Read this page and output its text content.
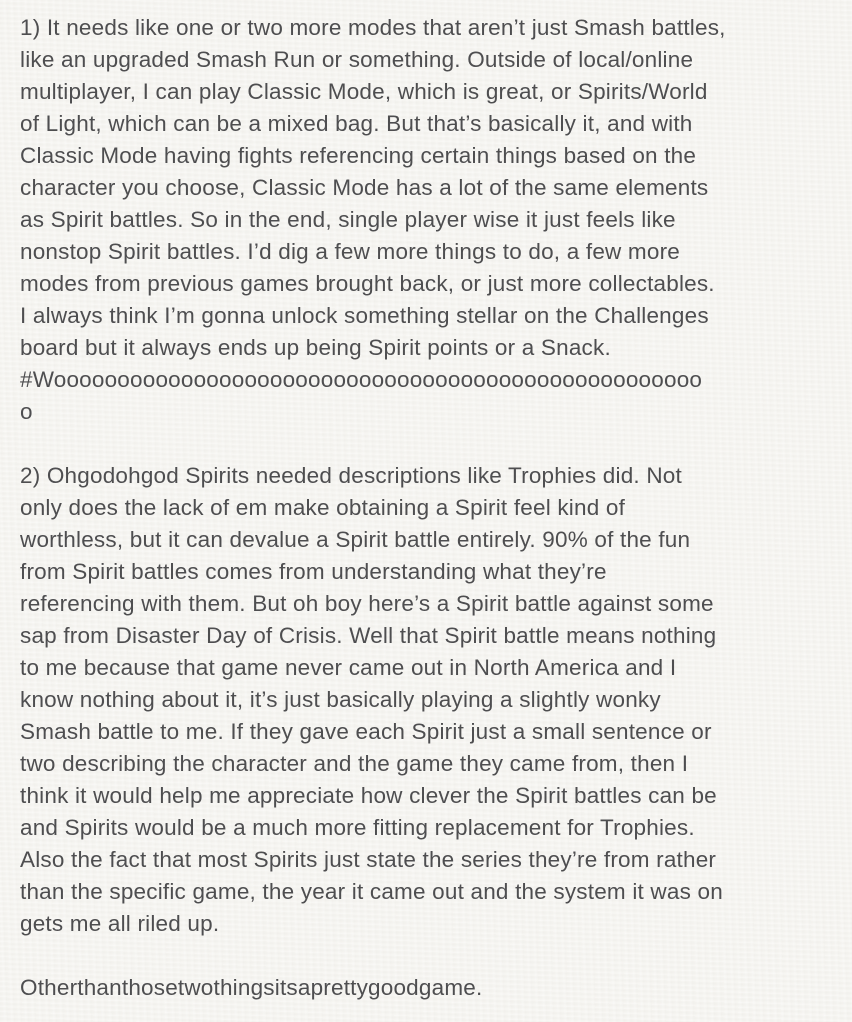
1) It needs like one or two more modes that aren’t just Smash battles,
like an upgraded Smash Run or something. Outside of local/online
multiplayer, I can play Classic Mode, which is great, or Spirits/World
of Light, which can be a mixed bag. But that’s basically it, and with
Classic Mode having fights referencing certain things based on the
character you choose, Classic Mode has a lot of the same elements
as Spirit battles. So in the end, single player wise it just feels like
nonstop Spirit battles. I’d dig a few more things to do, a few more
modes from previous games brought back, or just more collectables.
I always think I’m gonna unlock something stellar on the Challenges
board but it always ends up being Spirit points or a Snack.
#Wooooooooooooooooooooooooooooooooooooooooooooooooooo
o
2) Ohgodohgod Spirits needed descriptions like Trophies did. Not
only does the lack of em make obtaining a Spirit feel kind of
worthless, but it can devalue a Spirit battle entirely. 90% of the fun
from Spirit battles comes from understanding what they’re
referencing with them. But oh boy here’s a Spirit battle against some
sap from Disaster Day of Crisis. Well that Spirit battle means nothing
to me because that game never came out in North America and I
know nothing about it, it’s just basically playing a slightly wonky
Smash battle to me. If they gave each Spirit just a small sentence or
two describing the character and the game they came from, then I
think it would help me appreciate how clever the Spirit battles can be
and Spirits would be a much more fitting replacement for Trophies.
Also the fact that most Spirits just state the series they’re from rather
than the specific game, the year it came out and the system it was on
gets me all riled up.
Otherthanthosetwothingsitsaprettygoodgame.
